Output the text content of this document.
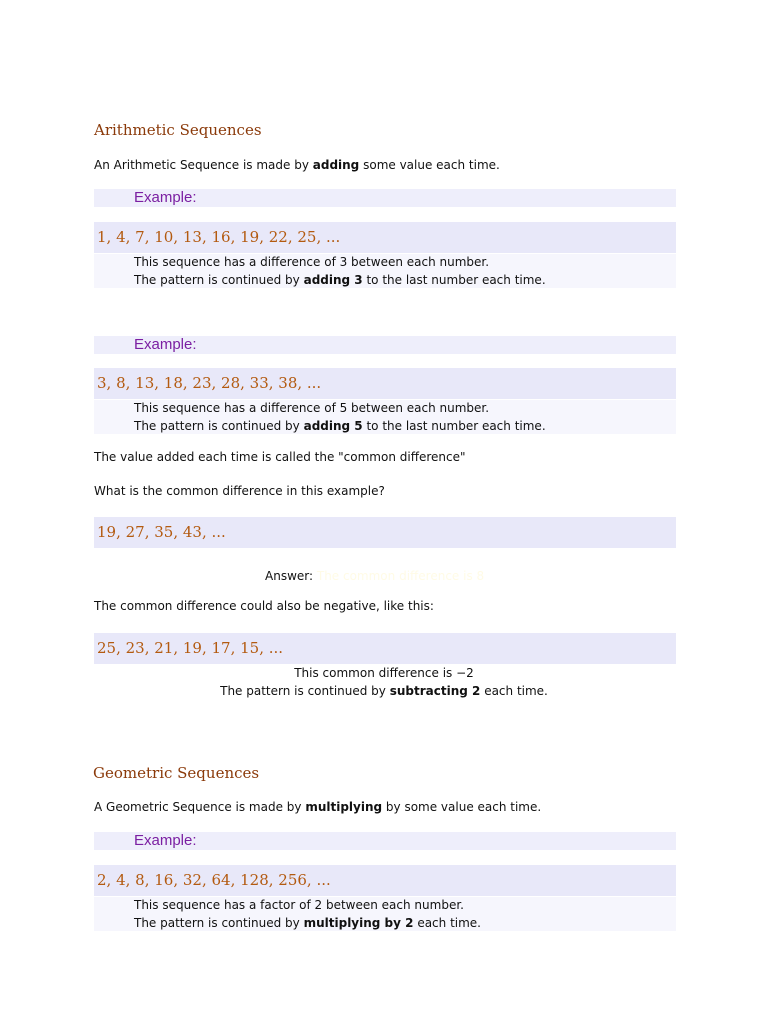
Arithmetic Sequences
An Arithmetic Sequence is made by adding some value each time.
Example:
1, 4, 7, 10, 13, 16, 19, 22, 25, ...
This sequence has a difference of 3 between each number.
The pattern is continued by adding 3 to the last number each time.
Example:
3, 8, 13, 18, 23, 28, 33, 38, ...
This sequence has a difference of 5 between each number.
The pattern is continued by adding 5 to the last number each time.
The value added each time is called the "common difference"
What is the common difference in this example?
19, 27, 35, 43, ...
Answer: The common difference is 8
The common difference could also be negative, like this:
25, 23, 21, 19, 17, 15, ...
This common difference is −2
The pattern is continued by subtracting 2 each time.
Geometric Sequences
A Geometric Sequence is made by multiplying by some value each time.
Example:
2, 4, 8, 16, 32, 64, 128, 256, ...
This sequence has a factor of 2 between each number.
The pattern is continued by multiplying by 2 each time.
